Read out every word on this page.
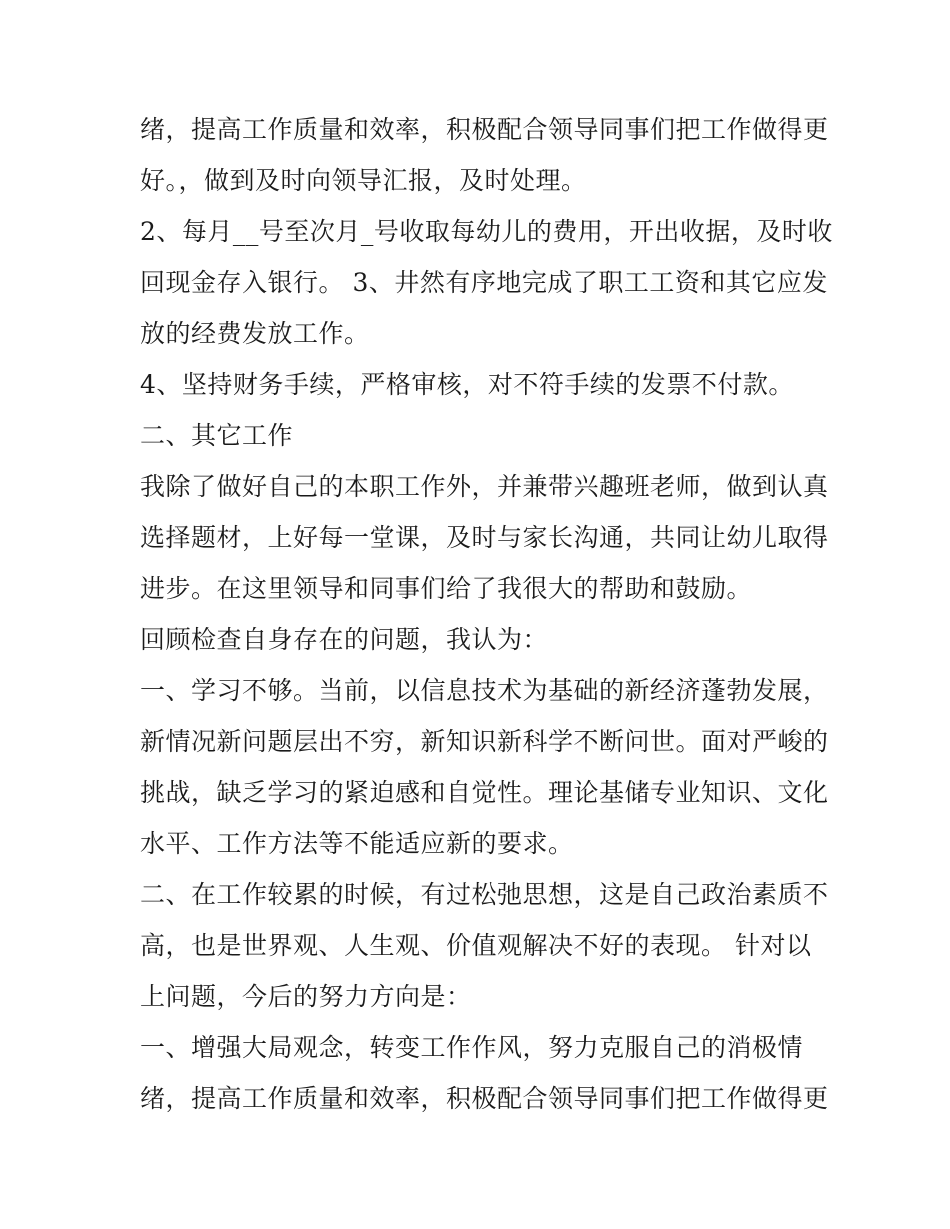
绪，提高工作质量和效率，积极配合领导同事们把工作做得更
好。，做到及时向领导汇报，及时处理。
2、每月__号至次月_号收取每幼儿的费用，开出收据，及时收
回现金存入银行。 3、井然有序地完成了职工工资和其它应发
放的经费发放工作。
4、坚持财务手续，严格审核，对不符手续的发票不付款。
二、其它工作
我除了做好自己的本职工作外，并兼带兴趣班老师，做到认真
选择题材，上好每一堂课，及时与家长沟通，共同让幼儿取得
进步。在这里领导和同事们给了我很大的帮助和鼓励。
回顾检查自身存在的问题，我认为：
一、学习不够。当前，以信息技术为基础的新经济蓬勃发展，
新情况新问题层出不穷，新知识新科学不断问世。面对严峻的
挑战，缺乏学习的紧迫感和自觉性。理论基储专业知识、文化
水平、工作方法等不能适应新的要求。
二、在工作较累的时候，有过松弛思想，这是自己政治素质不
高，也是世界观、人生观、价值观解决不好的表现。 针对以
上问题，今后的努力方向是：
一、增强大局观念，转变工作作风，努力克服自己的消极情
绪，提高工作质量和效率，积极配合领导同事们把工作做得更
